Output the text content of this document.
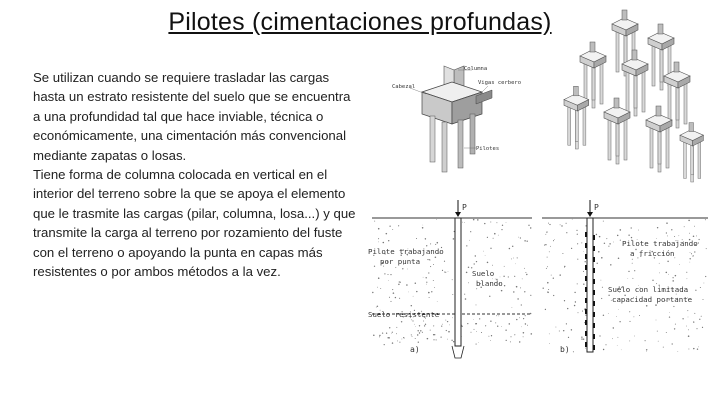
Pilotes (cimentaciones profundas)

Se utilizan cuando se requiere trasladar las cargas hasta un estrato resistente del suelo que se encuentra a una profundidad tal que hace inviable, técnica o económicamente, una cimentación más convencional mediante zapatas o losas.

Tiene forma de columna colocada en vertical en el interior del terreno sobre la que se apoya el elemento que le trasmite las cargas (pilar, columna, losa...) y que transmite la carga al terreno por rozamiento del fuste con el terreno o apoyando la punta en capas más resistentes o por ambos métodos a la vez.

Columna
Vigas cerbero
Cabezal
Pilotes
P
Pilote trabajando
por punta
Suelo
blando
Suelo resistente
a)
P
Pilote trabajando
a fricción
Suelo con limitada
capacidad portante
b)
